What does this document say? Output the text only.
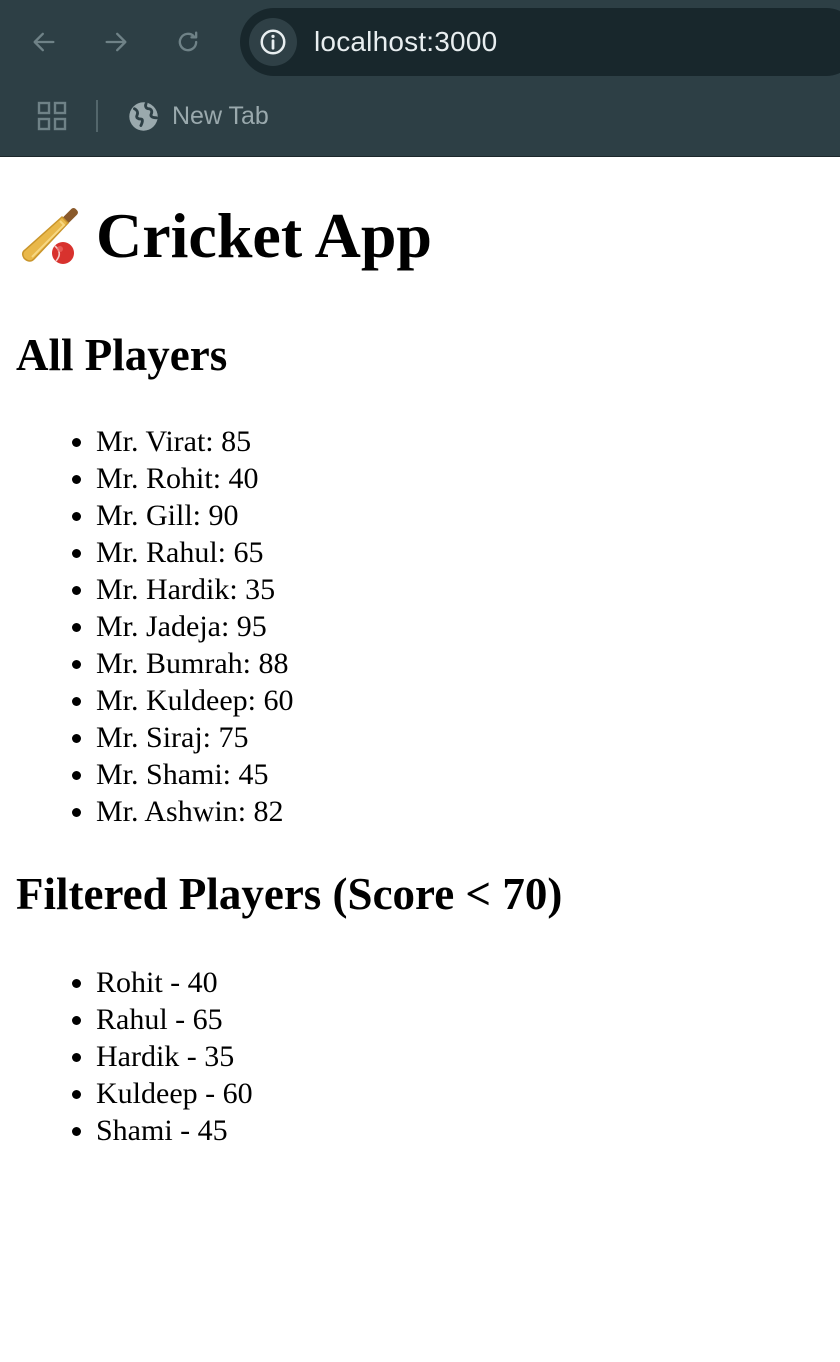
localhost:3000
New Tab
Cricket App
All Players
• Mr. Virat: 85
• Mr. Rohit: 40
• Mr. Gill: 90
• Mr. Rahul: 65
• Mr. Hardik: 35
• Mr. Jadeja: 95
• Mr. Bumrah: 88
• Mr. Kuldeep: 60
• Mr. Siraj: 75
• Mr. Shami: 45
• Mr. Ashwin: 82
Filtered Players (Score < 70)
• Rohit - 40
• Rahul - 65
• Hardik - 35
• Kuldeep - 60
• Shami - 45
